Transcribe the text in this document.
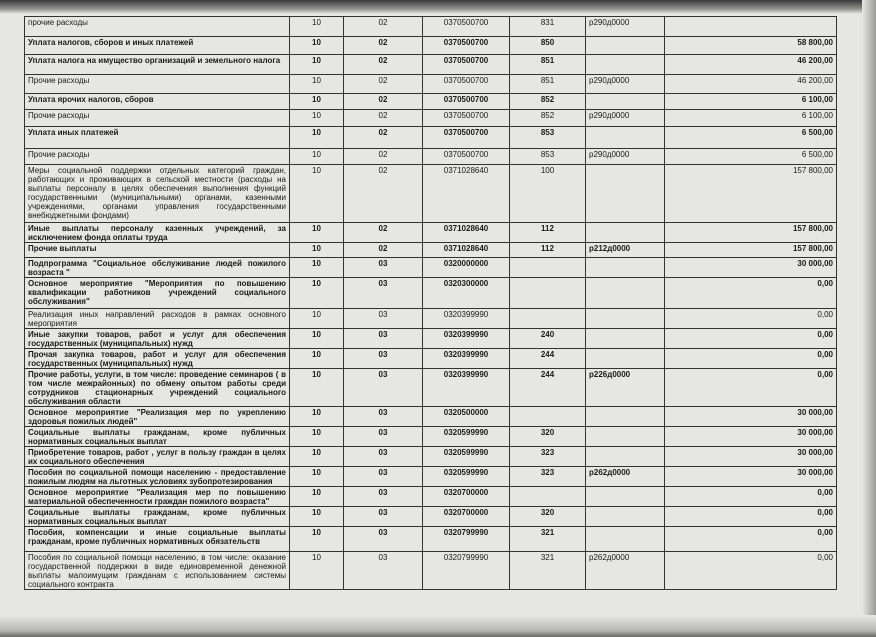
прочие расходы	10	02	0370500700	831	р290д0000	
Уплата налогов, сборов и иных платежей	10	02	0370500700	850		58 800,00
Уплата налога на имущество организаций и земельного налога	10	02	0370500700	851		46 200,00
Прочие расходы	10	02	0370500700	851	р290д0000	46 200,00
Уплата ярочих налогов, сборов	10	02	0370500700	852		6 100,00
Прочие расходы	10	02	0370500700	852	р290д0000	6 100,00
Уплата иных платежей	10	02	0370500700	853		6 500,00
Прочие расходы	10	02	0370500700	853	р290д0000	6 500,00
Меры социальной поддержки отдельных категорий граждан, работающих и проживающих в сельской местности (расходы на выплаты персоналу в целях обеспечения выполнения функций государственными (муниципальными) органами, казенными учреждениями, органами управления государственными внебюджетными фондами)	10	02	0371028640	100		157 800,00
Иные выплаты персоналу казенных учреждений, за исключением фонда оплаты труда	10	02	0371028640	112		157 800,00
Прочие выплаты	10	02	0371028640	112	р212д0000	157 800,00
Подпрограмма "Социальное обслуживание людей пожилого возраста "	10	03	0320000000			30 000,00
Основное мероприятие "Мероприятия по повышению квалификации работников учреждений социального обслуживания"	10	03	0320300000			0,00
Реализация иных направлений расходов в рамках основного мероприятия	10	03	0320399990			0,00
Иные закупки товаров, работ и услуг для обеспечения государственных (муниципальных) нужд	10	03	0320399990	240		0,00
Прочая закупка товаров, работ и услуг для обеспечения государственных (муниципальных) нужд	10	03	0320399990	244		0,00
Прочие работы, услуги, в том числе: проведение семинаров ( в том числе межрайонных) по обмену опытом работы среди сотрудников стационарных учреждений социального обслуживания области	10	03	0320399990	244	р226д0000	0,00
Основное мероприятие "Реализация мер по укреплению здоровья пожилых людей"	10	03	0320500000			30 000,00
Социальные выплаты гражданам, кроме публичных нормативных социальных выплат	10	03	0320599990	320		30 000,00
Приобретение товаров, работ , услуг в пользу граждан в целях их социального обеспечения	10	03	0320599990	323		30 000,00
Пособия по социальной помощи населению - предоставление пожилым людям на льготных условиях зубопротезирования	10	03	0320599990	323	р262д0000	30 000,00
Основное мероприятие "Реализация мер по повышению материальной обеспеченности граждан пожилого возраста"	10	03	0320700000			0,00
Социальные выплаты гражданам, кроме публичных нормативных социальных выплат	10	03	0320700000	320		0,00
Пособия, компенсации и иные социальные выплаты гражданам, кроме публичных нормативных обязательств	10	03	0320799990	321		0,00
Пособия по социальной помощи населению, в том числе: оказание государственной поддержки в виде единовременной денежной выплаты малоимущим гражданам с использованием системы социального контракта	10	03	0320799990	321	р262д0000	0,00
